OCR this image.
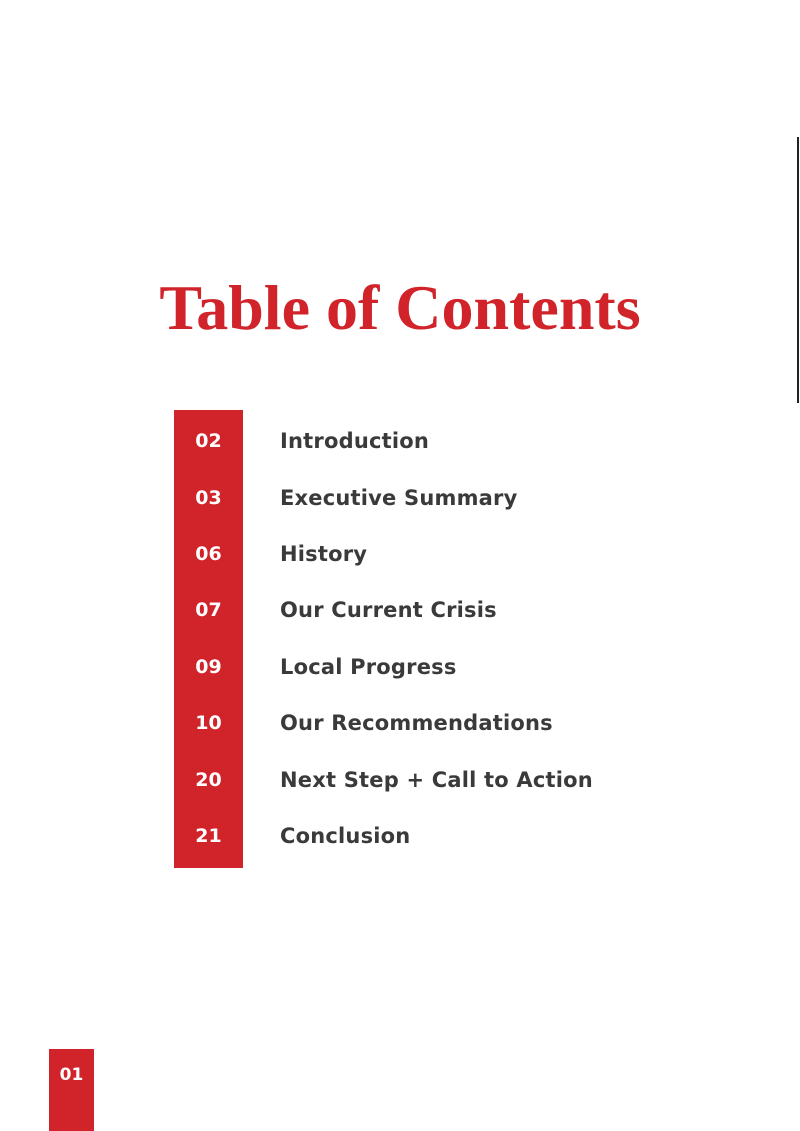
Table of Contents
02	Introduction
03	Executive Summary
06	History
07	Our Current Crisis
09	Local Progress
10	Our Recommendations
20	Next Step + Call to Action
21	Conclusion
01
